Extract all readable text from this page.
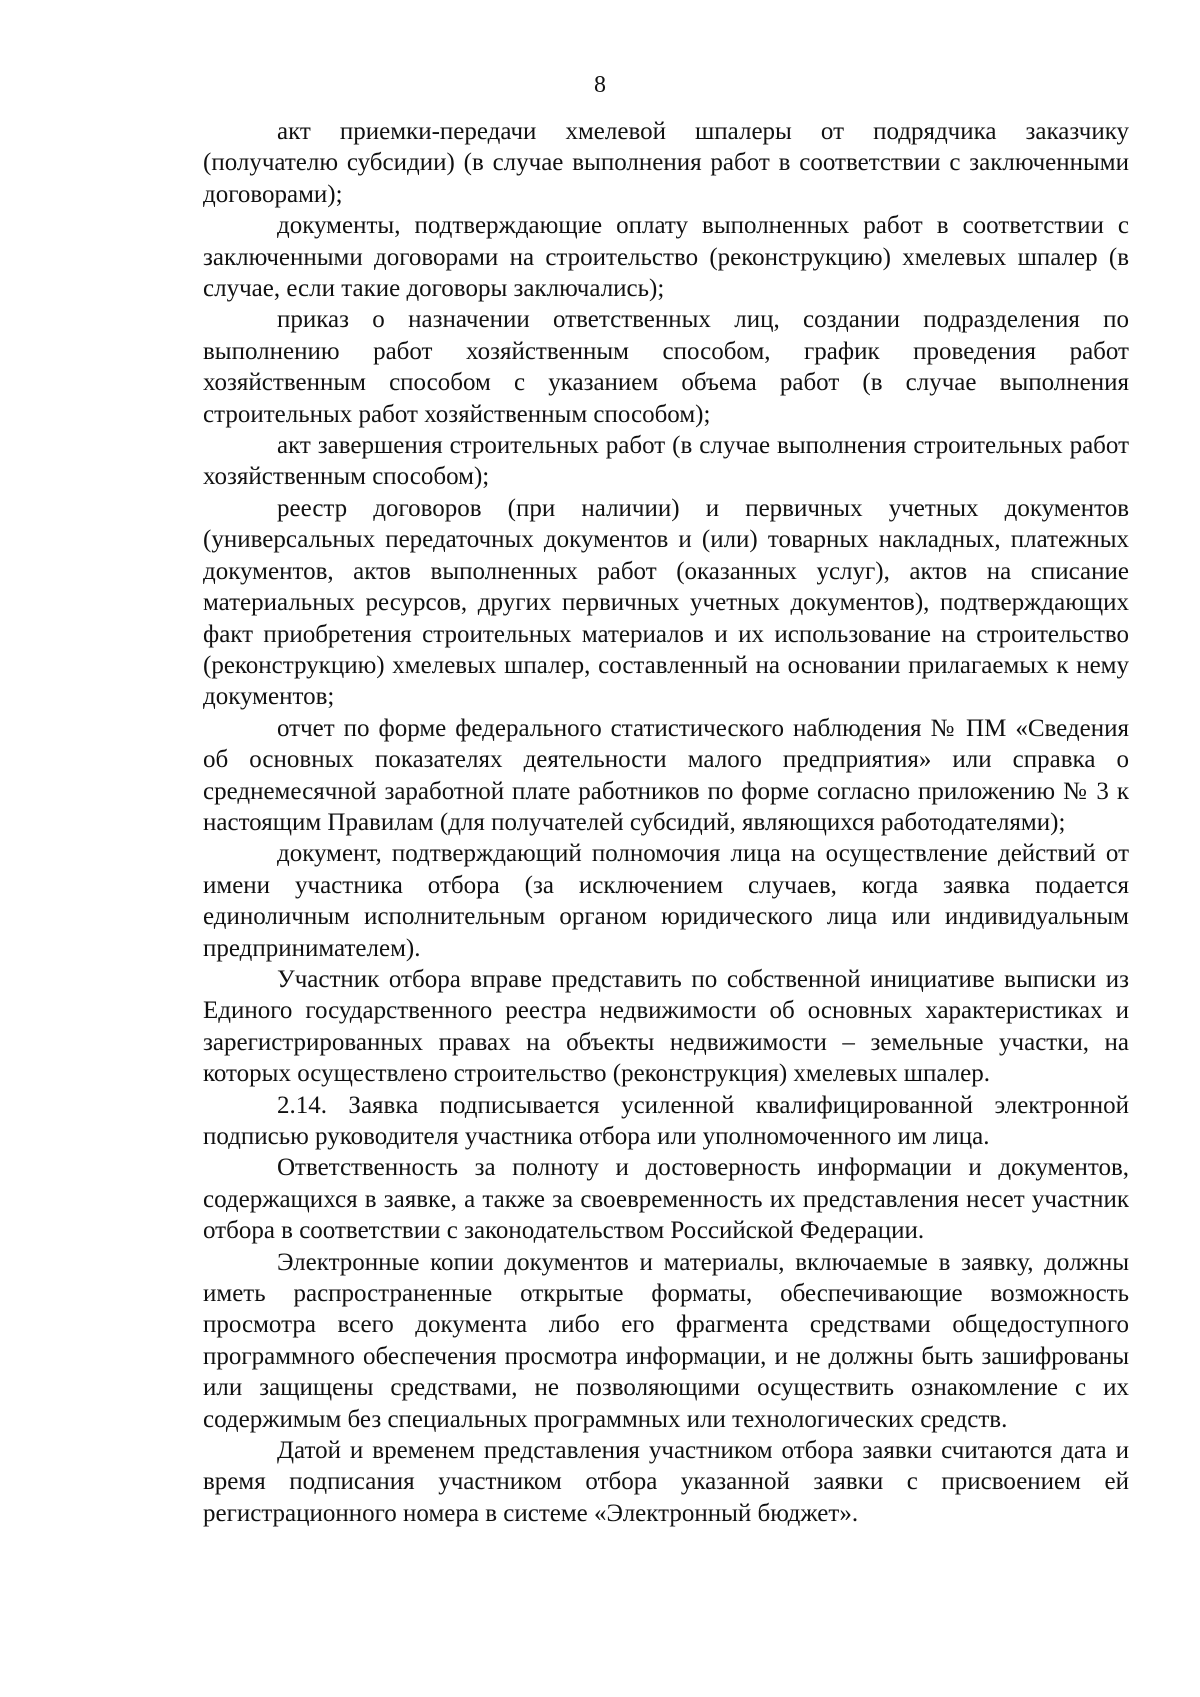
8

акт приемки-передачи хмелевой шпалеры от подрядчика заказчику (получателю субсидии) (в случае выполнения работ в соответствии с заключенными договорами);

документы, подтверждающие оплату выполненных работ в соответствии с заключенными договорами на строительство (реконструкцию) хмелевых шпалер (в случае, если такие договоры заключались);

приказ о назначении ответственных лиц, создании подразделения по выполнению работ хозяйственным способом, график проведения работ хозяйственным способом с указанием объема работ (в случае выполнения строительных работ хозяйственным способом);

акт завершения строительных работ (в случае выполнения строительных работ хозяйственным способом);

реестр договоров (при наличии) и первичных учетных документов (универсальных передаточных документов и (или) товарных накладных, платежных документов, актов выполненных работ (оказанных услуг), актов на списание материальных ресурсов, других первичных учетных документов), подтверждающих факт приобретения строительных материалов и их использование на строительство (реконструкцию) хмелевых шпалер, составленный на основании прилагаемых к нему документов;

отчет по форме федерального статистического наблюдения № ПМ «Сведения об основных показателях деятельности малого предприятия» или справка о среднемесячной заработной плате работников по форме согласно приложению № 3 к настоящим Правилам (для получателей субсидий, являющихся работодателями);

документ, подтверждающий полномочия лица на осуществление действий от имени участника отбора (за исключением случаев, когда заявка подается единоличным исполнительным органом юридического лица или индивидуальным предпринимателем).

Участник отбора вправе представить по собственной инициативе выписки из Единого государственного реестра недвижимости об основных характеристиках и зарегистрированных правах на объекты недвижимости – земельные участки, на которых осуществлено строительство (реконструкция) хмелевых шпалер.

2.14. Заявка подписывается усиленной квалифицированной электронной подписью руководителя участника отбора или уполномоченного им лица.

Ответственность за полноту и достоверность информации и документов, содержащихся в заявке, а также за своевременность их представления несет участник отбора в соответствии с законодательством Российской Федерации.

Электронные копии документов и материалы, включаемые в заявку, должны иметь распространенные открытые форматы, обеспечивающие возможность просмотра всего документа либо его фрагмента средствами общедоступного программного обеспечения просмотра информации, и не должны быть зашифрованы или защищены средствами, не позволяющими осуществить ознакомление с их содержимым без специальных программных или технологических средств.

Датой и временем представления участником отбора заявки считаются дата и время подписания участником отбора указанной заявки с присвоением ей регистрационного номера в системе «Электронный бюджет».
